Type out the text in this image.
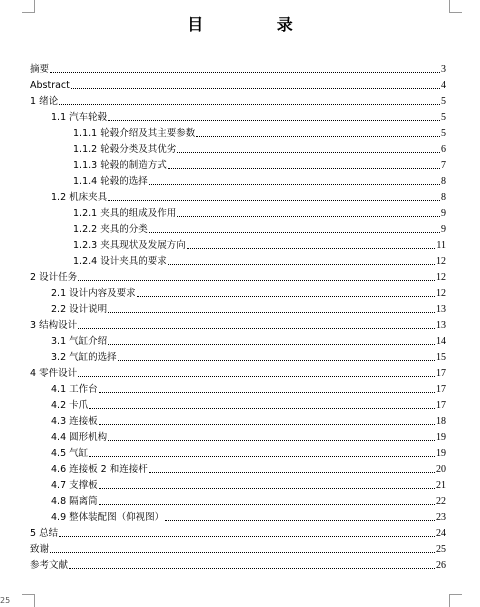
目 录
摘要	3
Abstract	4
1 绪论	5
1.1 汽车轮毂	5
1.1.1 轮毂介绍及其主要参数	5
1.1.2 轮毂分类及其优劣	6
1.1.3 轮毂的制造方式	7
1.1.4 轮毂的选择	8
1.2 机床夹具	8
1.2.1 夹具的组成及作用	9
1.2.2 夹具的分类	9
1.2.3 夹具现状及发展方向	11
1.2.4 设计夹具的要求	12
2 设计任务	12
2.1 设计内容及要求	12
2.2 设计说明	13
3 结构设计	13
3.1 气缸介绍	14
3.2 气缸的选择	15
4 零件设计	17
4.1 工作台	17
4.2 卡爪	17
4.3 连接板	18
4.4 圆形机构	19
4.5 气缸	19
4.6 连接板 2 和连接杆	20
4.7 支撑板	21
4.8 隔离筒	22
4.9 整体装配图（仰视图）	23
5 总结	24
致谢	25
参考文献	26
25
